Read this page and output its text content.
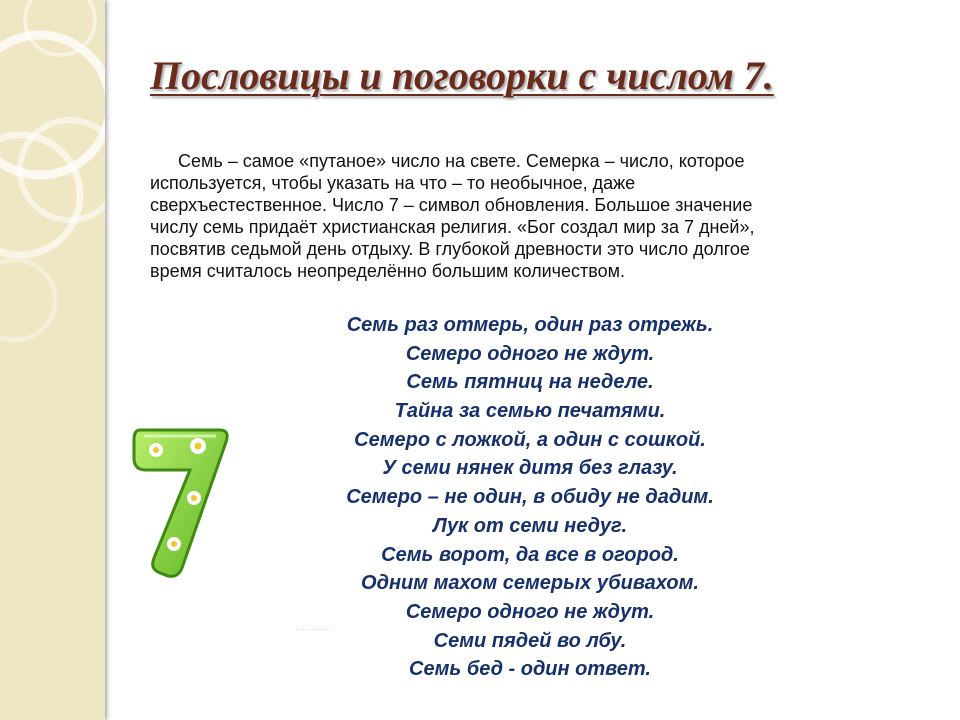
Пословицы и поговорки с числом 7.
Семь – самое «путаное» число на свете. Семерка – число, которое
используется, чтобы указать на что – то необычное, даже
сверхъестественное. Число 7 – символ обновления. Большое значение
числу семь придаёт христианская религия. «Бог создал мир за 7 дней»,
посвятив седьмой день отдыху. В глубокой древности это число долгое
время считалось неопределённо большим количеством.
Семь раз отмерь, один раз отрежь.
Семеро одного не ждут.
Семь пятниц на неделе.
Тайна за семью печатями.
Семеро с ложкой, а один с сошкой.
У семи нянек дитя без глазу.
Семеро – не один, в обиду не дадим.
Лук от семи недуг.
Семь ворот, да все в огород.
Одним махом семерых убивахом.
Семеро одного не ждут.
Семи пядей во лбу.
Семь бед - один ответ.
· · · · · · · · · · · ·
